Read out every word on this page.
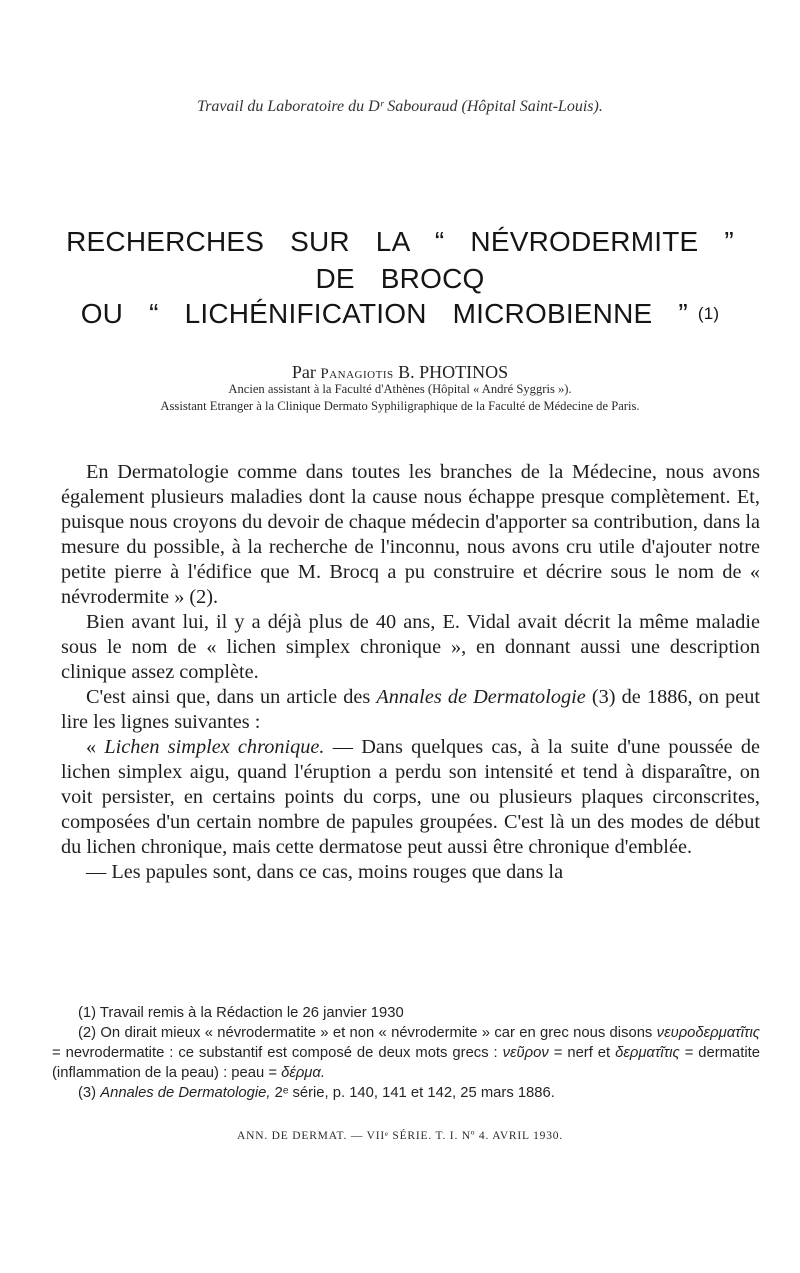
Travail du Laboratoire du Dʳ Sabouraud (Hôpital Saint-Louis).
RECHERCHES SUR LA “ NÉVRODERMITE ”
DE BROCQ
OU “ LICHÉNIFICATION MICROBIENNE ” (1)
Par Panagiotis B. PHOTINOS
Ancien assistant à la Faculté d'Athènes (Hôpital « André Syggris »).
Assistant Etranger à la Clinique Dermato Syphiligraphique de la Faculté de Médecine de Paris.

En Dermatologie comme dans toutes les branches de la Médecine, nous avons également plusieurs maladies dont la cause nous échappe presque complètement. Et, puisque nous croyons du devoir de chaque médecin d'apporter sa contribution, dans la mesure du possible, à la recherche de l'inconnu, nous avons cru utile d'ajouter notre petite pierre à l'édifice que M. Brocq a pu construire et décrire sous le nom de « névrodermite » (2).

Bien avant lui, il y a déjà plus de 40 ans, E. Vidal avait décrit la même maladie sous le nom de « lichen simplex chronique », en donnant aussi une description clinique assez complète.

C'est ainsi que, dans un article des Annales de Dermatologie (3) de 1886, on peut lire les lignes suivantes :

« Lichen simplex chronique. — Dans quelques cas, à la suite d'une poussée de lichen simplex aigu, quand l'éruption a perdu son intensité et tend à disparaître, on voit persister, en certains points du corps, une ou plusieurs plaques circonscrites, composées d'un certain nombre de papules groupées. C'est là un des modes de début du lichen chronique, mais cette dermatose peut aussi être chronique d'emblée.

— Les papules sont, dans ce cas, moins rouges que dans la

(1) Travail remis à la Rédaction le 26 janvier 1930

(2) On dirait mieux « névrodermatite » et non « névrodermite » car en grec nous disons νευροδερματῖτις = nevrodermatite : ce substantif est composé de deux mots grecs : νεῦρον = nerf et δερματῖτις = dermatite (inflammation de la peau) : peau = δέρμα.

(3) Annales de Dermatologie, 2ᵉ série, p. 140, 141 et 142, 25 mars 1886.

ANN. DE DERMAT. — VIIᵉ SÉRIE. T. I. Nº 4. AVRIL 1930.
